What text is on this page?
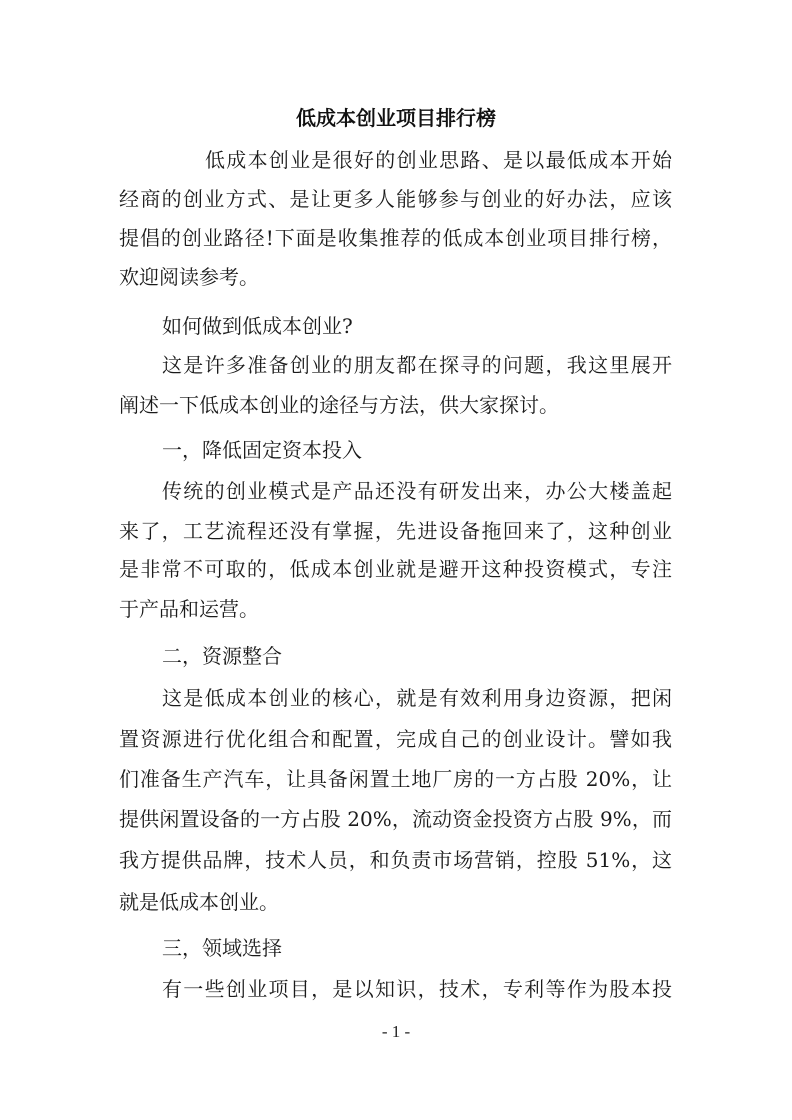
低成本创业项目排行榜
低成本创业是很好的创业思路、是以最低成本开始
经商的创业方式、是让更多人能够参与创业的好办法，应该
提倡的创业路径!下面是收集推荐的低成本创业项目排行榜，
欢迎阅读参考。
如何做到低成本创业?
这是许多准备创业的朋友都在探寻的问题，我这里展开
阐述一下低成本创业的途径与方法，供大家探讨。
一，降低固定资本投入
传统的创业模式是产品还没有研发出来，办公大楼盖起
来了，工艺流程还没有掌握，先进设备拖回来了，这种创业
是非常不可取的，低成本创业就是避开这种投资模式，专注
于产品和运营。
二，资源整合
这是低成本创业的核心，就是有效利用身边资源，把闲
置资源进行优化组合和配置，完成自己的创业设计。譬如我
们准备生产汽车，让具备闲置土地厂房的一方占股 20%，让
提供闲置设备的一方占股 20%，流动资金投资方占股 9%，而
我方提供品牌，技术人员，和负责市场营销，控股 51%，这
就是低成本创业。
三，领域选择
有一些创业项目，是以知识，技术，专利等作为股本投
- 1 -
